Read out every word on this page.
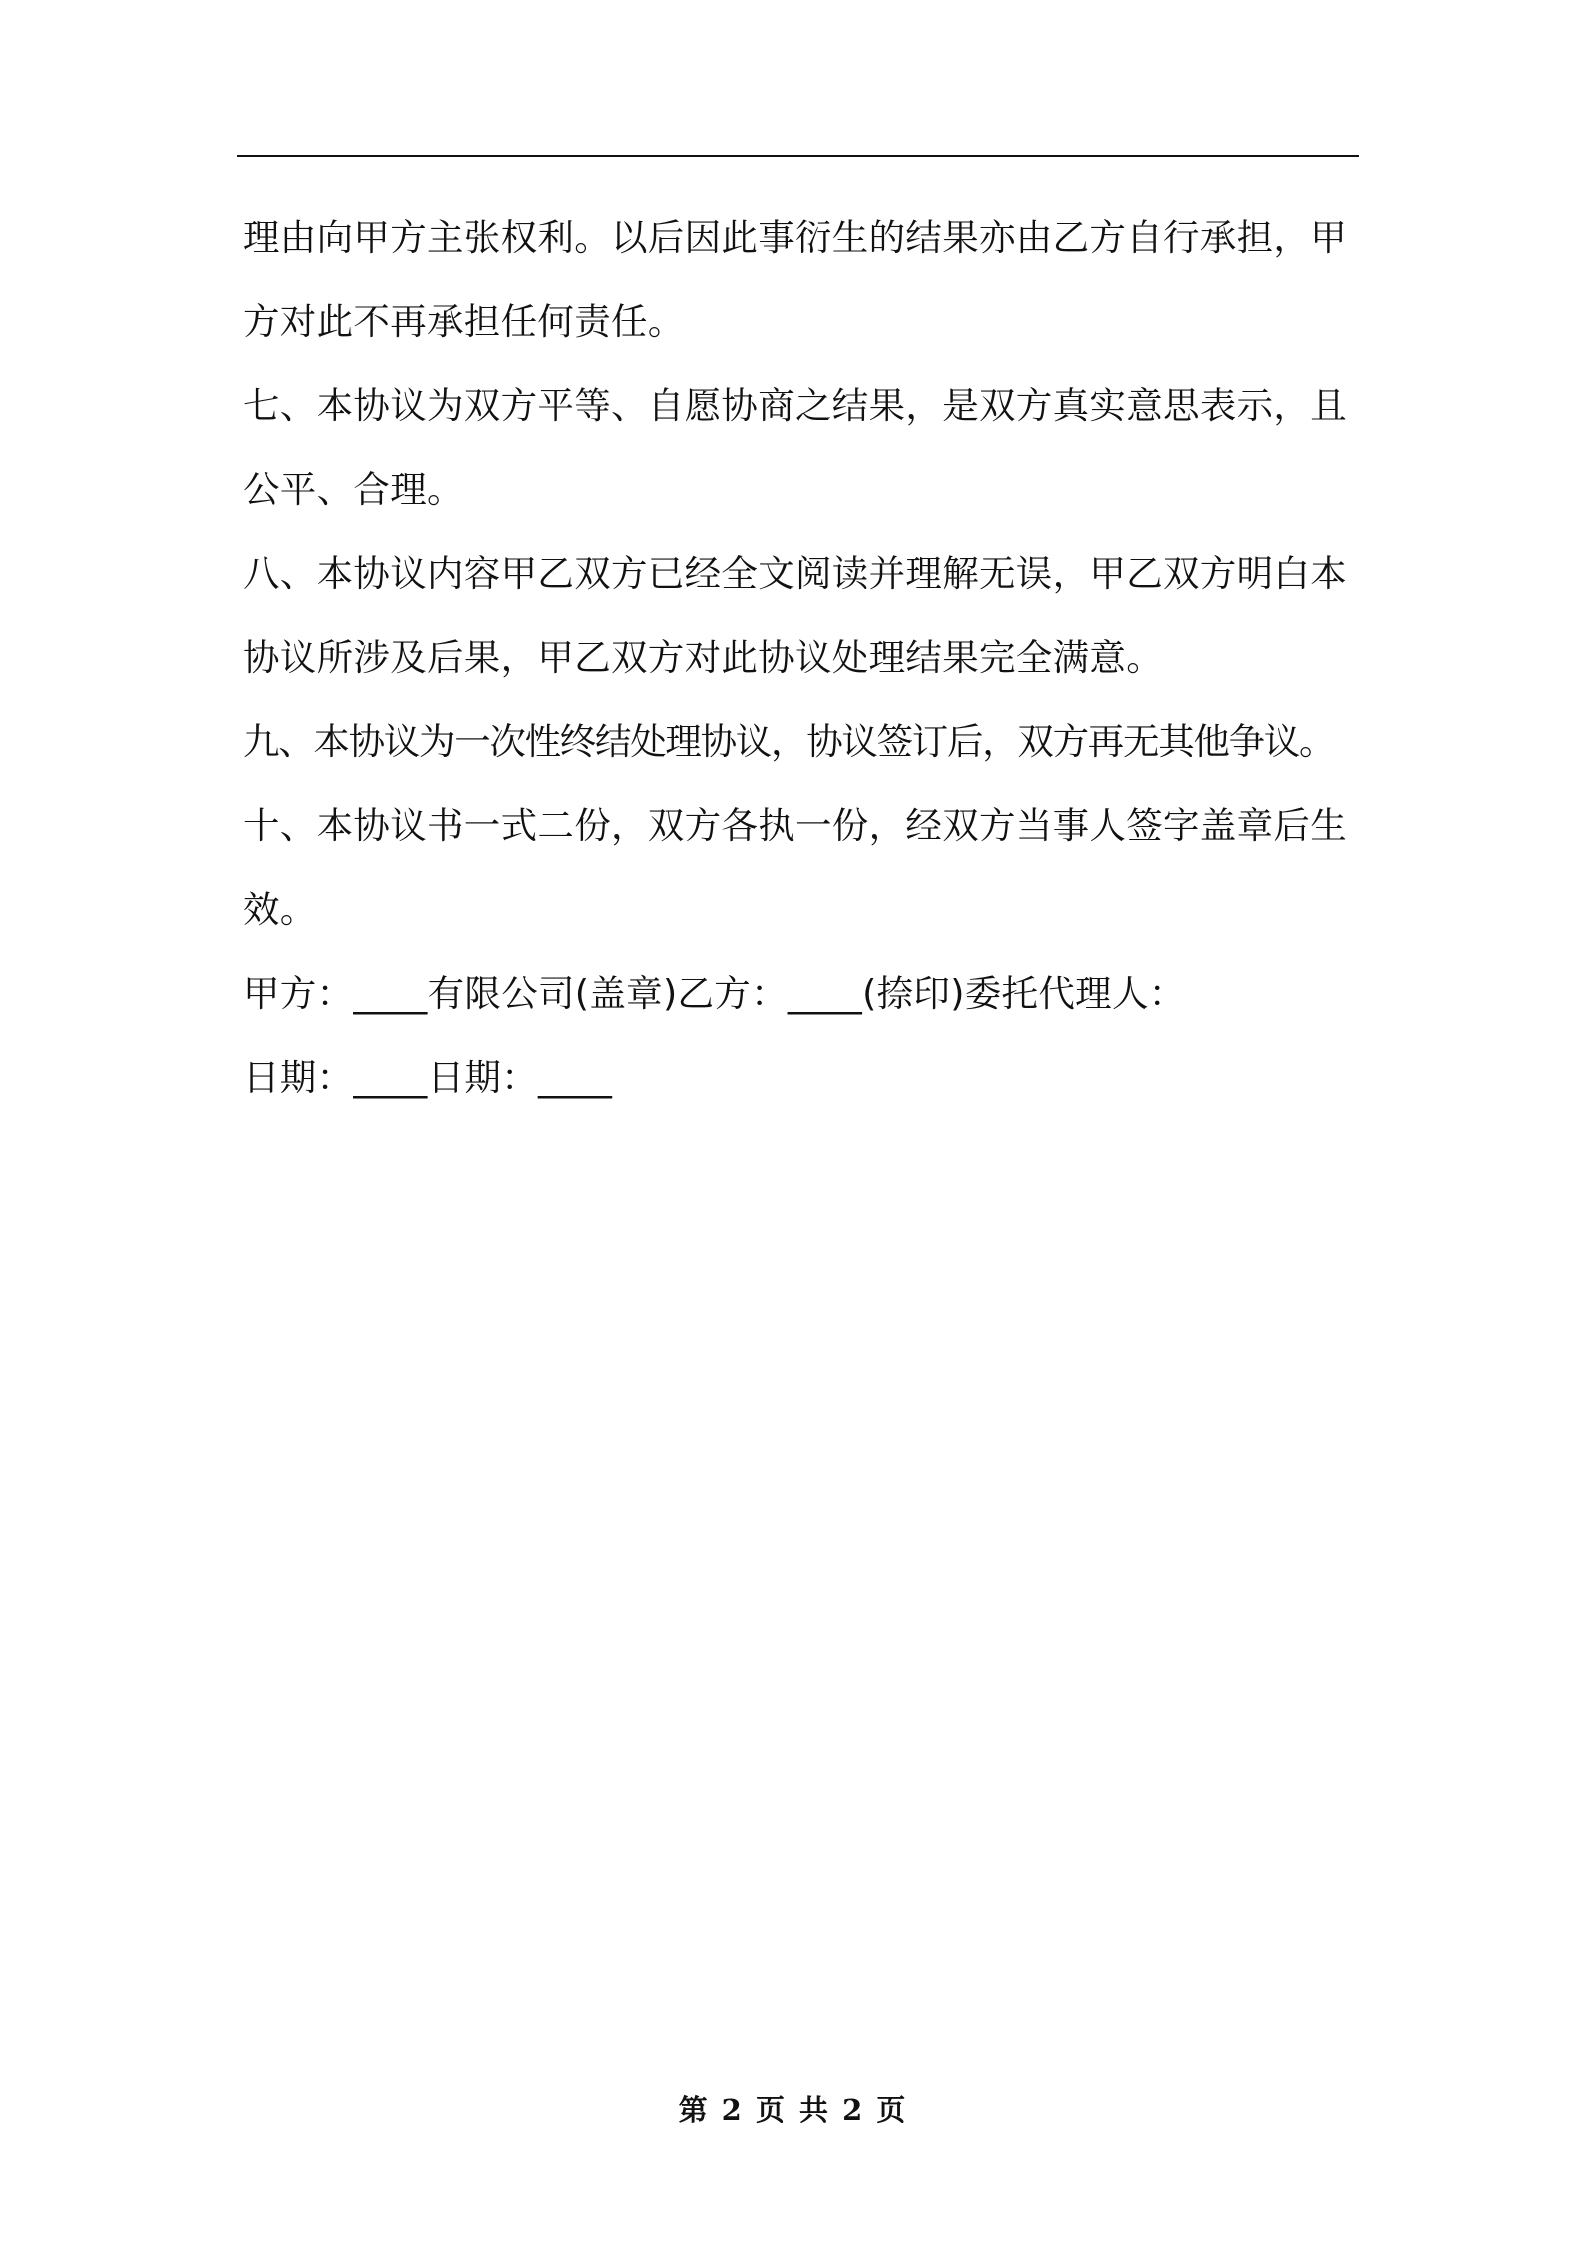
理由向甲方主张权利。以后因此事衍生的结果亦由乙方自行承担，甲方对此不再承担任何责任。

七、本协议为双方平等、自愿协商之结果，是双方真实意思表示，且公平、合理。

八、本协议内容甲乙双方已经全文阅读并理解无误，甲乙双方明白本协议所涉及后果，甲乙双方对此协议处理结果完全满意。

九、本协议为一次性终结处理协议，协议签订后，双方再无其他争议。

十、本协议书一式二份，双方各执一份，经双方当事人签字盖章后生效。

甲方：____有限公司(盖章)乙方：____(捺印)委托代理人：

日期：____日期：____

第 2 页 共 2 页
